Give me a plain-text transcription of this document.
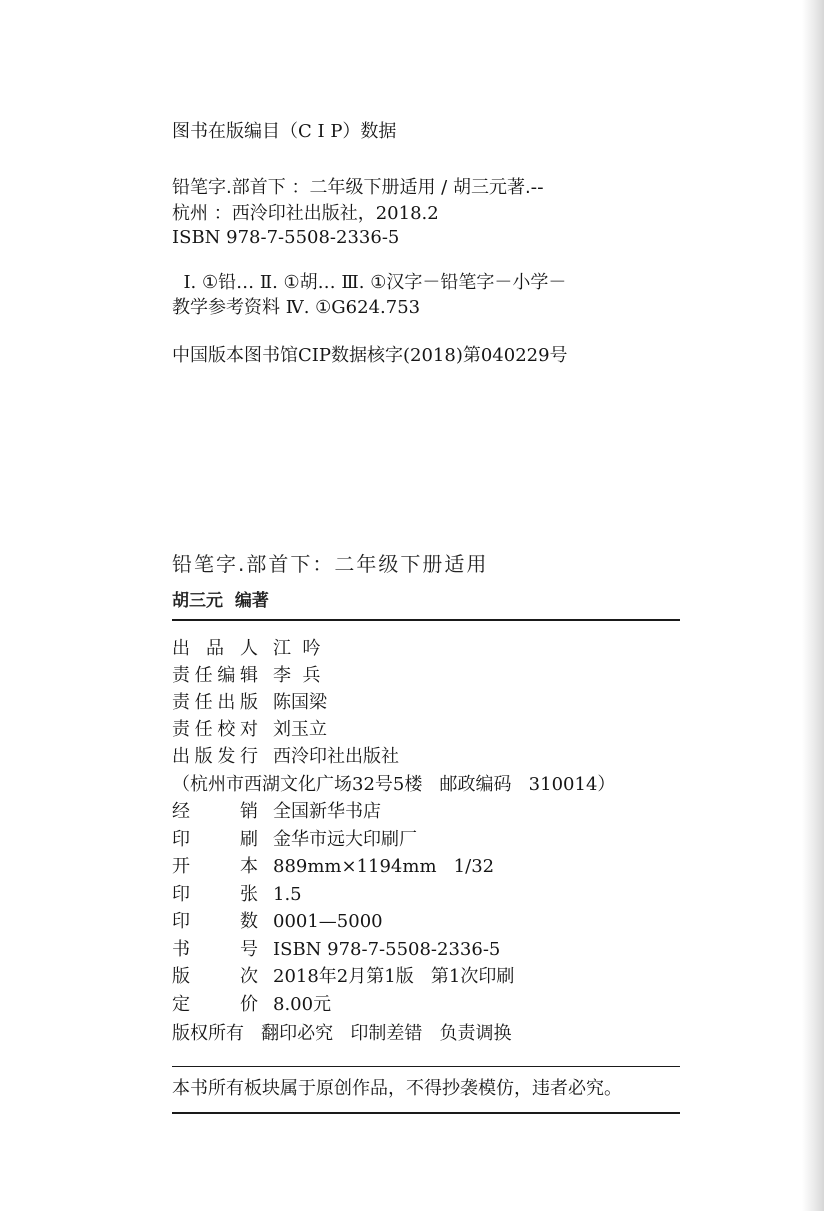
图书在版编目（C I P）数据
铅笔字.部首下 ：二年级下册适用 / 胡三元著.--
杭州 ：西泠印社出版社，2018.2
ISBN 978-7-5508-2336-5
Ⅰ. ①铅… Ⅱ. ①胡… Ⅲ. ①汉字－铅笔字－小学－
教学参考资料 Ⅳ. ①G624.753
中国版本图书馆CIP数据核字(2018)第040229号
铅笔字.部首下：二年级下册适用
胡三元  编著
出 品 人 江  吟
责 任 编 辑 李  兵
责 任 出 版 陈国梁
责 任 校 对 刘玉立
出 版 发 行 西泠印社出版社
（杭州市西湖文化广场32号5楼   邮政编码   310014）
经	销 全国新华书店
印	刷 金华市远大印刷厂
开	本 889mm×1194mm   1/32
印	张 1.5
印	数 0001—5000
书	号 ISBN 978-7-5508-2336-5
版	次 2018年2月第1版   第1次印刷
定	价 8.00元
版权所有   翻印必究   印制差错   负责调换
本书所有板块属于原创作品，不得抄袭模仿，违者必究。
